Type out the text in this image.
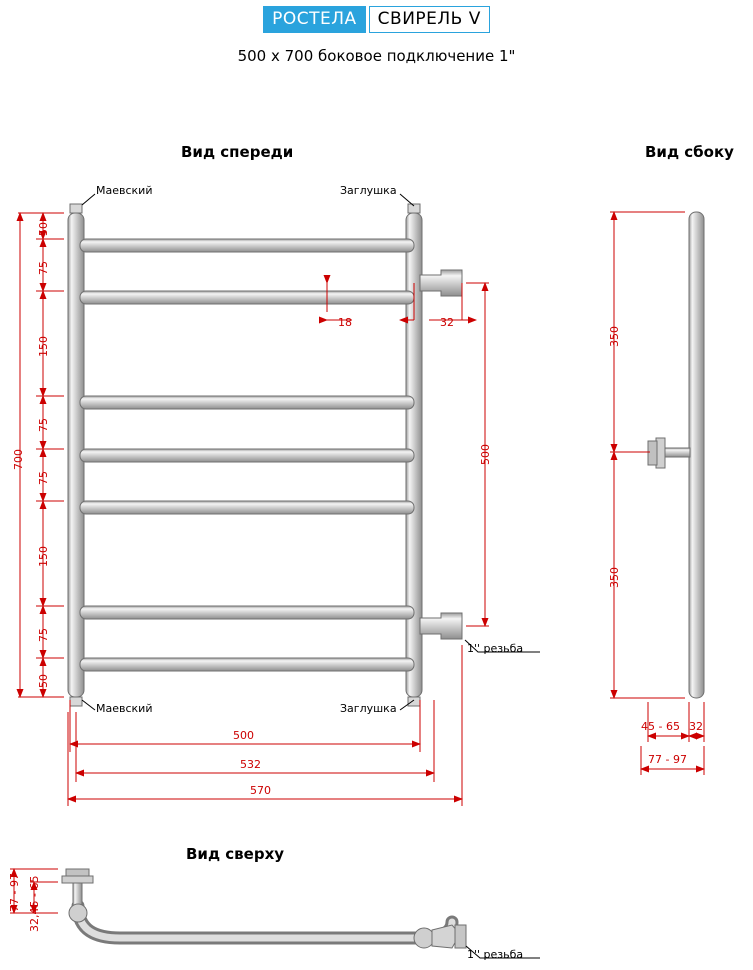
РОСТЕЛА СВИРЕЛЬ V
500 x 700 боковое подключение 1"
Вид спереди	Вид сбоку
Вид сверху
Маевский
Маевский
Заглушка
Заглушка
1'' резьба
1'' резьба
700
50
75
150
75
75
150
75
50
18	32
500
500
532
570
350
350
45 - 65 32
77 - 97
77 - 97 32,45 - 65
